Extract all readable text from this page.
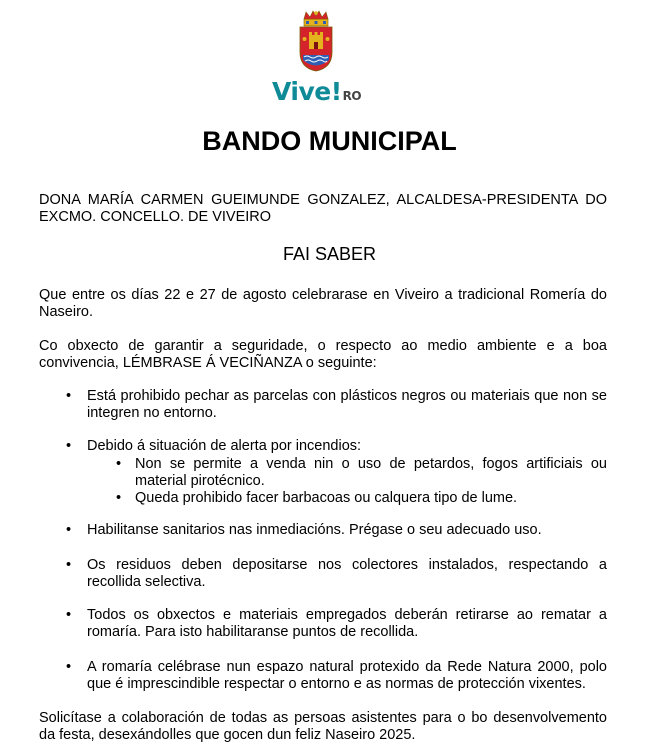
Vive!RO
BANDO MUNICIPAL

DONA MARÍA CARMEN GUEIMUNDE GONZALEZ, ALCALDESA-PRESIDENTA DO EXCMO. CONCELLO. DE VIVEIRO

FAI SABER

Que entre os días 22 e 27 de agosto celebrarase en Viveiro a tradicional Romería do Naseiro.

Co obxecto de garantir a seguridade, o respecto ao medio ambiente e a boa convivencia, LÉMBRASE Á VECIÑANZA o seguinte:

• Está prohibido pechar as parcelas con plásticos negros ou materiais que non se integren no entorno.

• Debido á situación de alerta por incendios:

• Non se permite a venda nin o uso de petardos, fogos artificiais ou material pirotécnico.

• Queda prohibido facer barbacoas ou calquera tipo de lume.

• Habilitanse sanitarios nas inmediacións. Prégase o seu adecuado uso.

• Os residuos deben depositarse nos colectores instalados, respectando a recollida selectiva.

• Todos os obxectos e materiais empregados deberán retirarse ao rematar a romaría. Para isto habilitaranse puntos de recollida.

• A romaría celébrase nun espazo natural protexido da Rede Natura 2000, polo que é imprescindible respectar o entorno e as normas de protección vixentes.

Solicítase a colaboración de todas as persoas asistentes para o bo desenvolvemento da festa, desexándolles que gocen dun feliz Naseiro 2025.
